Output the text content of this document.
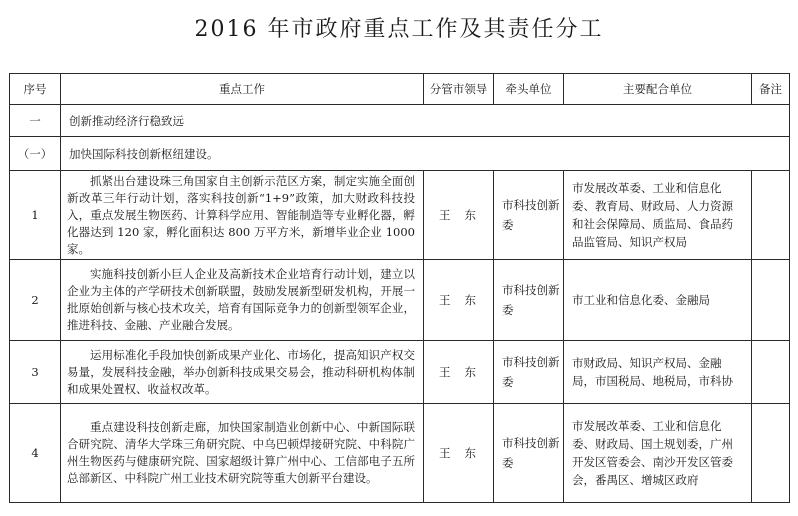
2016 年市政府重点工作及其责任分工
序号	重点工作	分管市领导	牵头单位	主要配合单位	备注
一	创新推动经济行稳致远				
（一）	加快国际科技创新枢纽建设。				
1	抓紧出台建设珠三角国家自主创新示范区方案，制定实施全面创新改革三年行动计划，落实科技创新“1+9”政策，加大财政科技投入，重点发展生物医药、计算科学应用、智能制造等专业孵化器，孵化器达到 120 家，孵化面积达 800 万平方米，新增毕业企业 1000 家。	王东	市科技创新委	市发展改革委、工业和信息化委、教育局、财政局、人力资源和社会保障局、质监局、食品药品监管局、知识产权局	
2	实施科技创新小巨人企业及高新技术企业培育行动计划，建立以企业为主体的产学研技术创新联盟，鼓励发展新型研发机构，开展一批原始创新与核心技术攻关，培育有国际竞争力的创新型领军企业，推进科技、金融、产业融合发展。	王东	市科技创新委	市工业和信息化委、金融局	
3	运用标准化手段加快创新成果产业化、市场化，提高知识产权交易量，发展科技金融，举办创新科技成果交易会，推动科研机构体制和成果处置权、收益权改革。	王东	市科技创新委	市财政局、知识产权局、金融局，市国税局、地税局，市科协	
4	重点建设科技创新走廊，加快国家制造业创新中心、中新国际联合研究院、清华大学珠三角研究院、中乌巴顿焊接研究院、中科院广州生物医药与健康研究院、国家超级计算广州中心、工信部电子五所总部新区、中科院广州工业技术研究院等重大创新平台建设。	王东	市科技创新委	市发展改革委、工业和信息化委、财政局、国土规划委，广州开发区管委会、南沙开发区管委会，番禺区、增城区政府	
